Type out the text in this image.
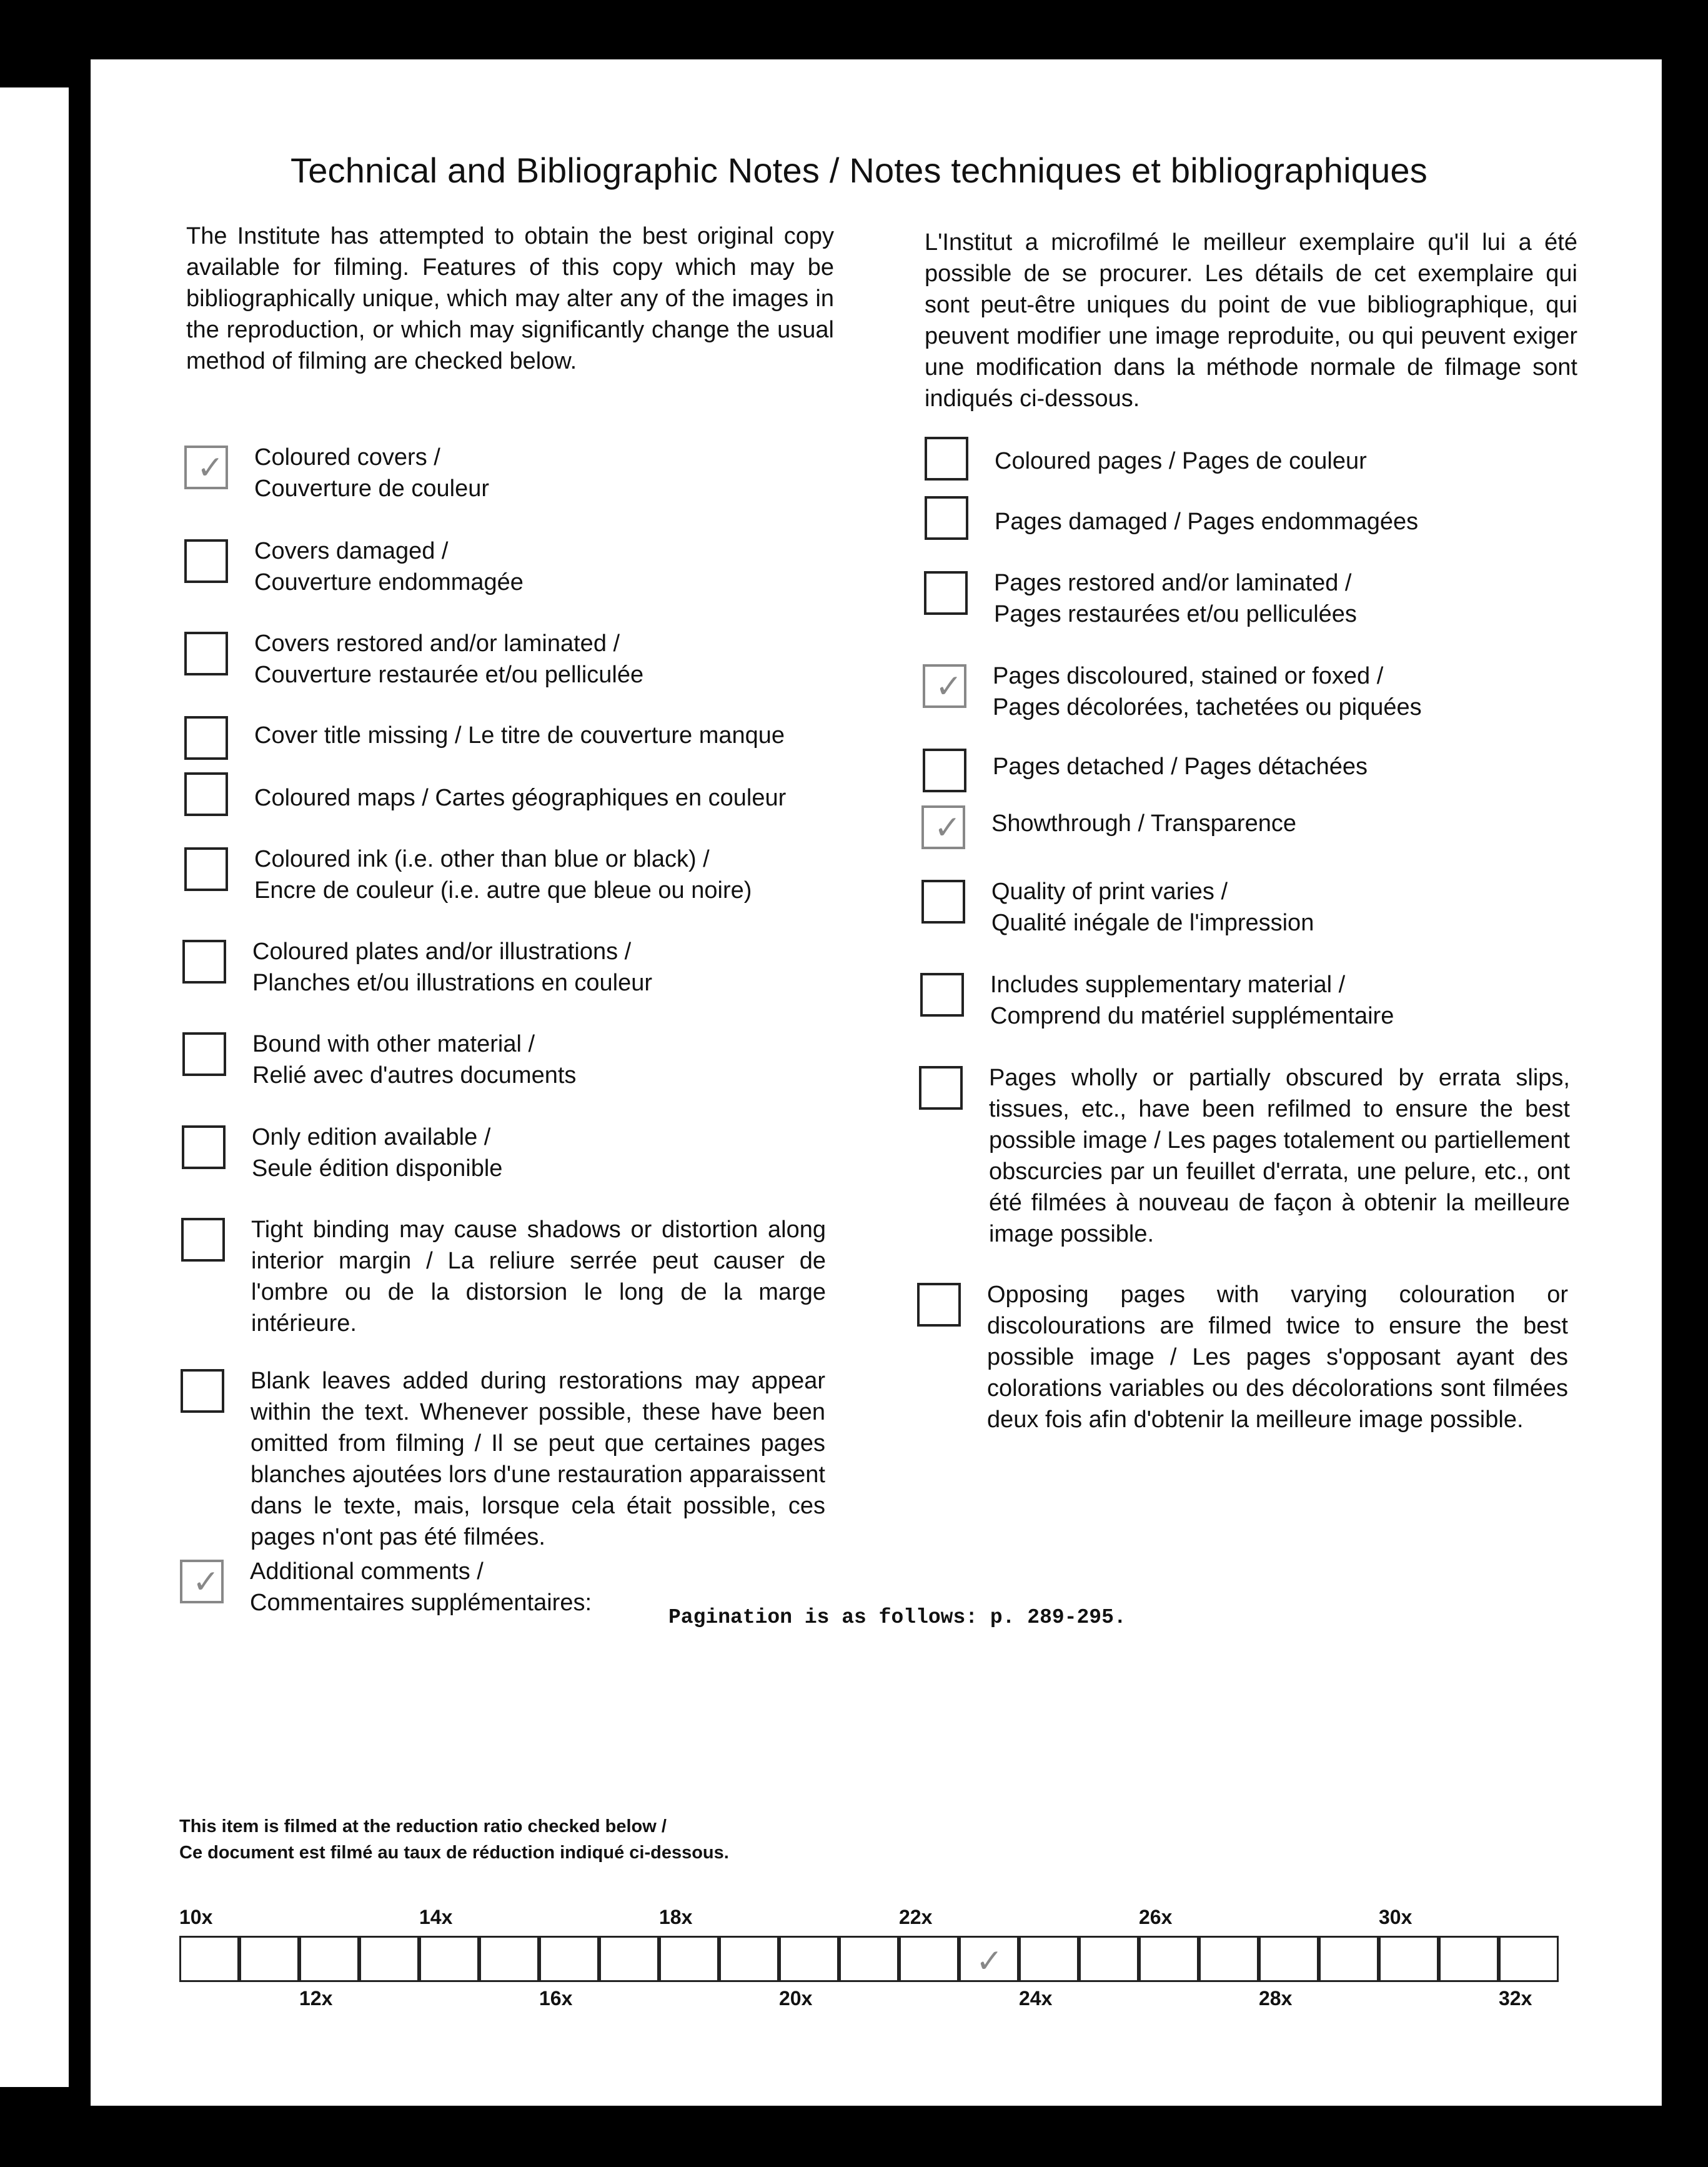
Technical and Bibliographic Notes / Notes techniques et bibliographiques
The Institute has attempted to obtain the best original copy available for filming. Features of this copy which may be bibliographically unique, which may alter any of the images in the reproduction, or which may significantly change the usual method of filming are checked below.
L'Institut a microfilmé le meilleur exemplaire qu'il lui a été possible de se procurer. Les détails de cet exemplaire qui sont peut-être uniques du point de vue bibliographique, qui peuvent modifier une image reproduite, ou qui peuvent exiger une modification dans la méthode normale de filmage sont indiqués ci-dessous.
✓
Coloured covers /
Couverture de couleur
Covers damaged /
Couverture endommagée
Covers restored and/or laminated /
Couverture restaurée et/ou pelliculée
Cover title missing / Le titre de couverture manque
Coloured maps / Cartes géographiques en couleur
Coloured ink (i.e. other than blue or black) /
Encre de couleur (i.e. autre que bleue ou noire)
Coloured plates and/or illustrations /
Planches et/ou illustrations en couleur
Bound with other material /
Relié avec d'autres documents
Only edition available /
Seule édition disponible
Tight binding may cause shadows or distortion along interior margin / La reliure serrée peut causer de l'ombre ou de la distorsion le long de la marge intérieure.
Blank leaves added during restorations may appear within the text. Whenever possible, these have been omitted from filming / Il se peut que certaines pages blanches ajoutées lors d'une restauration apparaissent dans le texte, mais, lorsque cela était possible, ces pages n'ont pas été filmées.
✓
Additional comments /
Commentaires supplémentaires:
Pagination is as follows: p. 289-295.
Coloured pages / Pages de couleur
Pages damaged / Pages endommagées
Pages restored and/or laminated /
Pages restaurées et/ou pelliculées
✓
Pages discoloured, stained or foxed /
Pages décolorées, tachetées ou piquées
Pages detached / Pages détachées
✓
Showthrough / Transparence
Quality of print varies /
Qualité inégale de l'impression
Includes supplementary material /
Comprend du matériel supplémentaire
Pages wholly or partially obscured by errata slips, tissues, etc., have been refilmed to ensure the best possible image / Les pages totalement ou partiellement obscurcies par un feuillet d'errata, une pelure, etc., ont été filmées à nouveau de façon à obtenir la meilleure image possible.
Opposing pages with varying colouration or discolourations are filmed twice to ensure the best possible image / Les pages s'opposant ayant des colorations variables ou des décolorations sont filmées deux fois afin d'obtenir la meilleure image possible.
This item is filmed at the reduction ratio checked below /
Ce document est filmé au taux de réduction indiqué ci-dessous.
✓
10x	14x	18x	22x	26x	30x
12x	16x	20x	24x	28x	32x
